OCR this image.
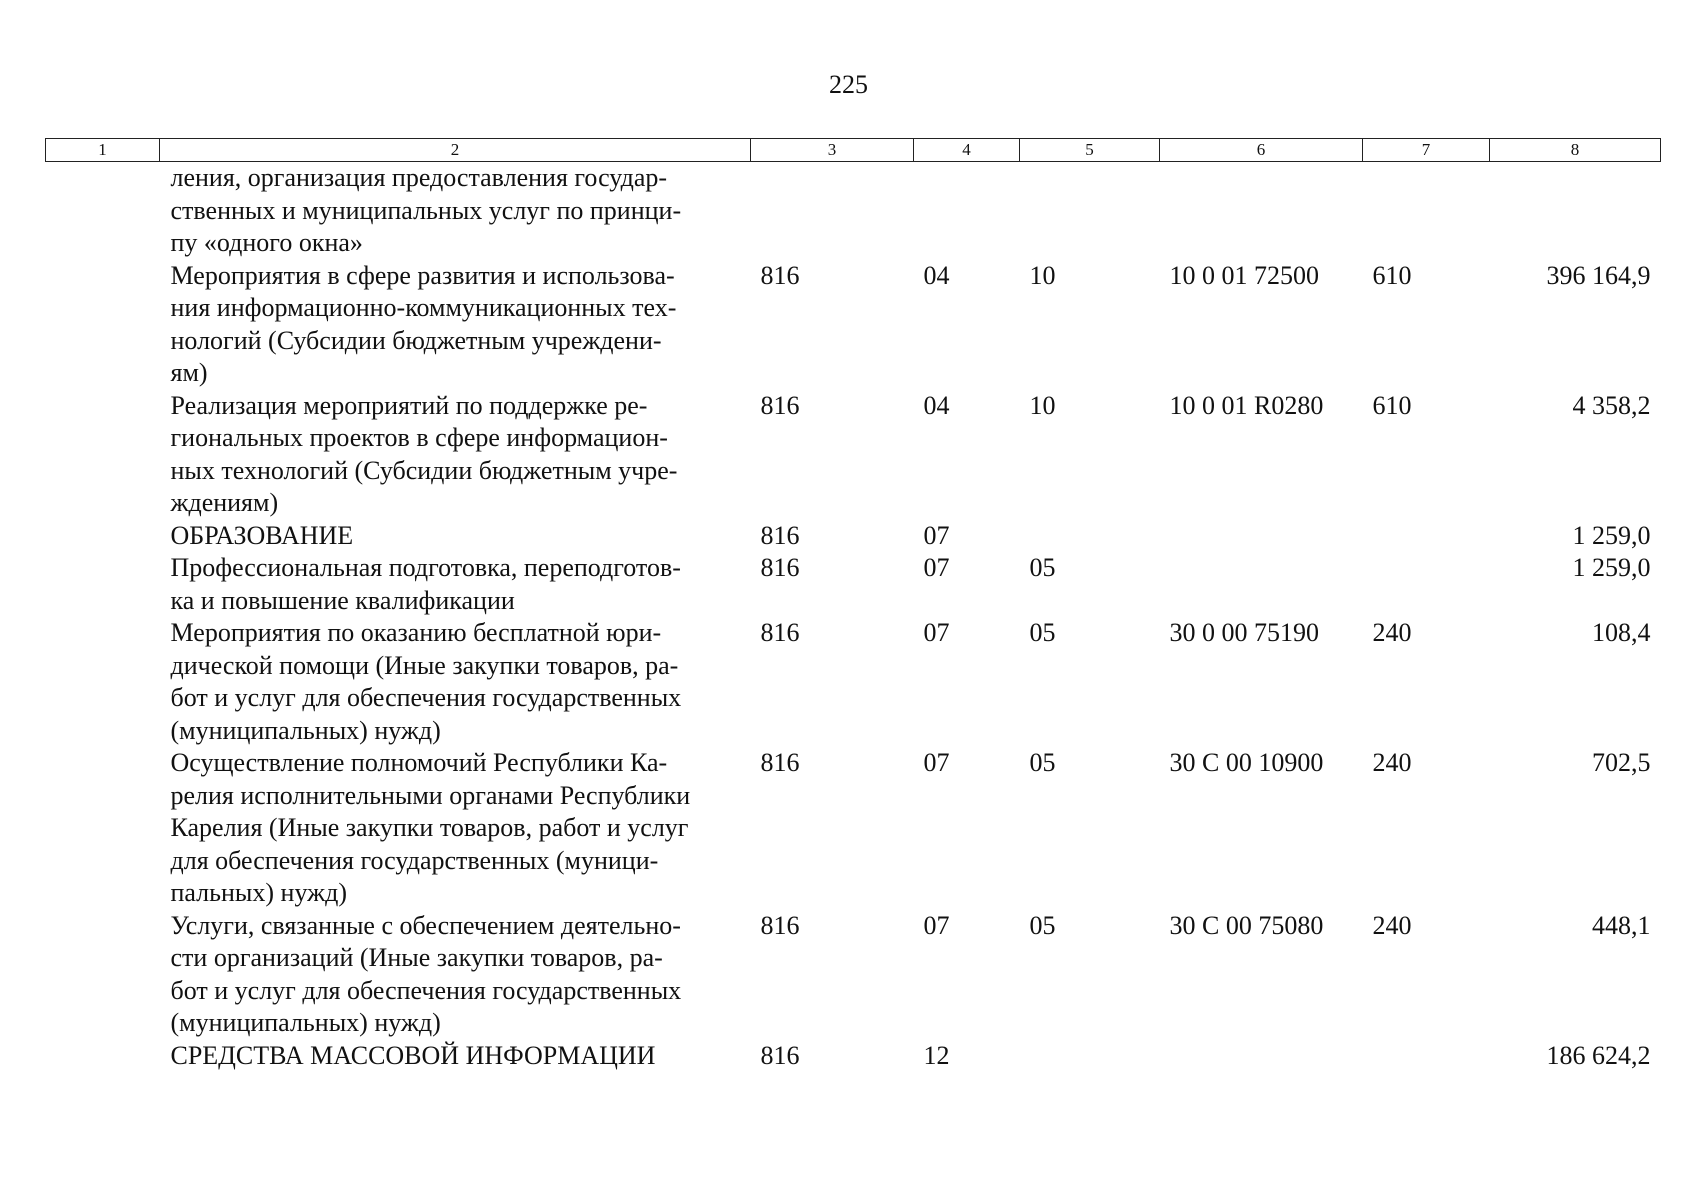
225
1	2	3	4	5	6	7	8

	ления, организация предоставления государ-
ственных и муниципальных услуг по принци-
пу «одного окна»						

	Мероприятия в сфере развития и использова-
ния информационно-коммуникационных тех-
нологий (Субсидии бюджетным учреждени-
ям)	816	04	10	10 0 01 72500	610	396 164,9

	Реализация мероприятий по поддержке ре-
гиональных проектов в сфере информацион-
ных технологий (Субсидии бюджетным учре-
ждениям)	816	04	10	10 0 01 R0280	610	4 358,2

	ОБРАЗОВАНИЕ	816	07				1 259,0

	Профессиональная подготовка, переподготов-
ка и повышение квалификации	816	07	05			1 259,0

	Мероприятия по оказанию бесплатной юри-
дической помощи (Иные закупки товаров, ра-
бот и услуг для обеспечения государственных
(муниципальных) нужд)	816	07	05	30 0 00 75190	240	108,4

	Осуществление полномочий Республики Ка-
релия исполнительными органами Республики
Карелия (Иные закупки товаров, работ и услуг
для обеспечения государственных (муници-
пальных) нужд)	816	07	05	30 С 00 10900	240	702,5

	Услуги, связанные с обеспечением деятельно-
сти организаций (Иные закупки товаров, ра-
бот и услуг для обеспечения государственных
(муниципальных) нужд)	816	07	05	30 С 00 75080	240	448,1

	СРЕДСТВА МАССОВОЙ ИНФОРМАЦИИ	816	12				186 624,2
